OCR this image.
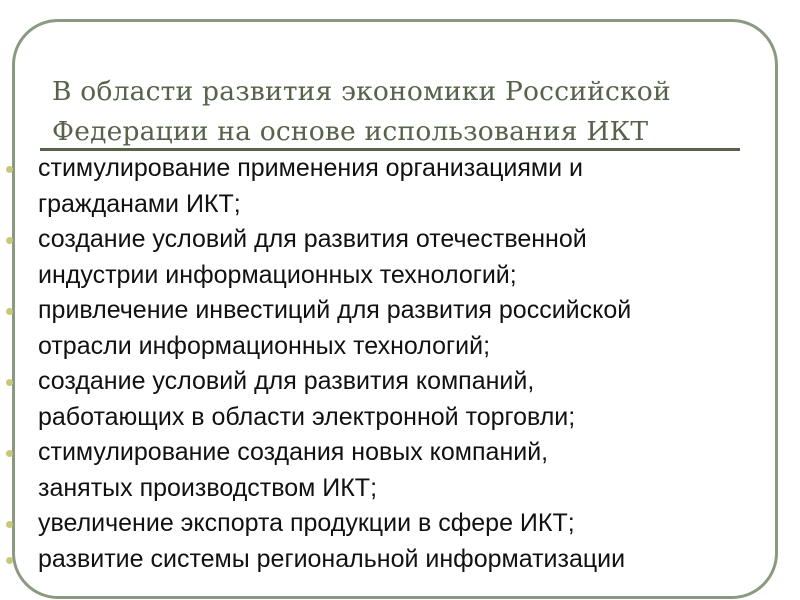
В области развития экономики Российской
Федерации на основе использования ИКТ
стимулирование применения организациями и
гражданами ИКТ;
создание условий для развития отечественной
индустрии информационных технологий;
привлечение инвестиций для развития российской
отрасли информационных технологий;
создание условий для развития компаний,
работающих в области электронной торговли;
стимулирование создания новых компаний,
занятых производством ИКТ;
увеличение экспорта продукции в сфере ИКТ;
развитие системы региональной информатизации
